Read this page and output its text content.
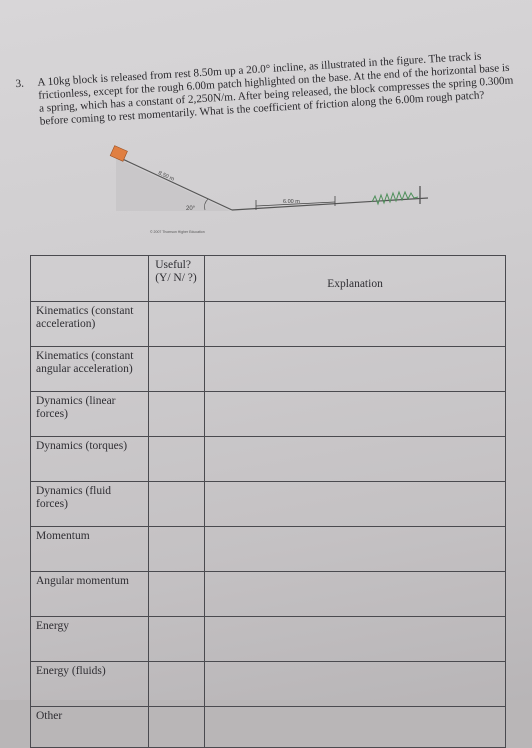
3. A 10kg block is released from rest 8.50m up a 20.0° incline, as illustrated in the figure. The track is frictionless, except for the rough 6.00m patch highlighted on the base. At the end of the horizontal base is a spring, which has a constant of 2,250N/m. After being released, the block compresses the spring 0.300m before coming to rest momentarily. What is the coefficient of friction along the 6.00m rough patch?
6.00 m
8.50 m
20°
© 2007 Thomson Higher Education
	Useful? (Y/ N/ ?)	Explanation
Kinematics (constant acceleration)		
Kinematics (constant angular acceleration)		
Dynamics (linear forces)		
Dynamics (torques)		
Dynamics (fluid forces)		
Momentum		
Angular momentum		
Energy		
Energy (fluids)		
Other		
